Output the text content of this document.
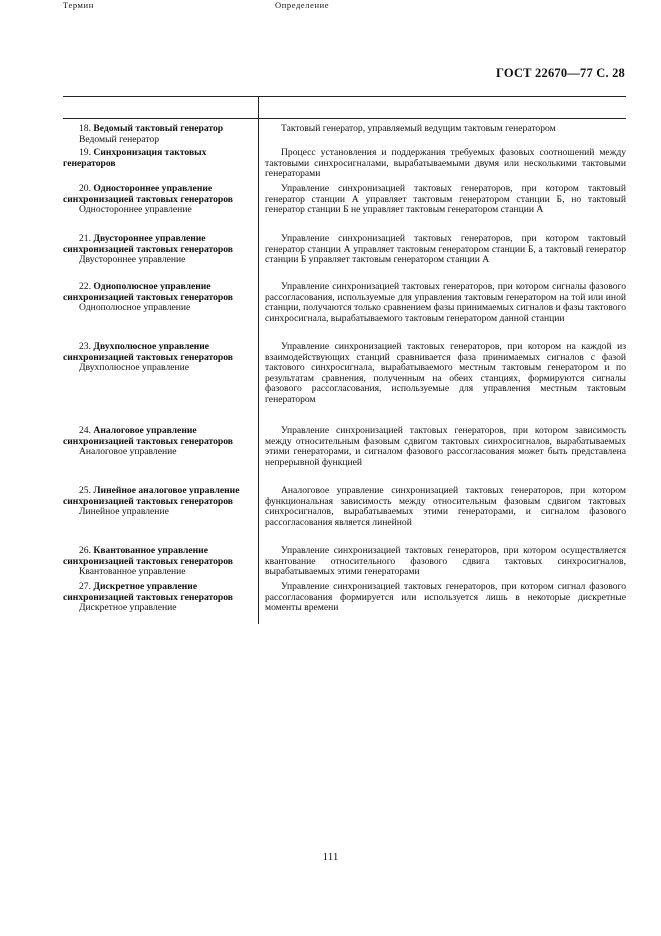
ГОСТ 22670—77 С. 28
Термин	Определение
18. Ведомый тактовый генератор
Ведомый генератор
Тактовый генератор, управляемый ведущим тактовым генератором
19. Синхронизация тактовых генераторов
Процесс установления и поддержания требуемых фазовых соотношений между тактовыми синхросигналами, вырабатываемыми двумя или несколькими тактовыми генераторами
20. Одностороннее управление синхронизацией тактовых генераторов
Одностороннее управление
Управление синхронизацией тактовых генераторов, при котором тактовый генератор станции А управляет тактовым генератором станции Б, но тактовый генератор станции Б не управляет тактовым генератором станции А
21. Двустороннее управление синхронизацией тактовых генераторов
Двустороннее управление
Управление синхронизацией тактовых генераторов, при котором тактовый генератор станции А управляет тактовым генератором станции Б, а тактовый генератор станции Б управляет тактовым генератором станции А
22. Однополюсное управление синхронизацией тактовых генераторов
Однополюсное управление
Управление синхронизацией тактовых генераторов, при котором сигналы фазового рассогласования, используемые для управления тактовым генератором на той или иной станции, получаются только сравнением фазы принимаемых сигналов и фазы тактового синхросигнала, вырабатываемого тактовым генератором данной станции
23. Двухполюсное управление синхронизацией тактовых генераторов
Двухполюсное управление
Управление синхронизацией тактовых генераторов, при котором на каждой из взаимодействующих станций сравнивается фаза принимаемых сигналов с фазой тактового синхросигнала, вырабатываемого местным тактовым генератором и по результатам сравнения, полученным на обеих станциях, формируются сигналы фазового рассогласования, используемые для управления местным тактовым генератором
24. Аналоговое управление синхронизацией тактовых генераторов
Аналоговое управление
Управление синхронизацией тактовых генераторов, при котором зависимость между относительным фазовым сдвигом тактовых синхросигналов, вырабатываемых этими генераторами, и сигналом фазового рассогласования может быть представлена непрерывной функцией
25. Линейное аналоговое управление синхронизацией тактовых генераторов
Линейное управление
Аналоговое управление синхронизацией тактовых генераторов, при котором функциональная зависимость между относительным фазовым сдвигом тактовых синхросигналов, вырабатываемых этими генераторами, и сигналом фазового рассогласования является линейной
26. Квантованное управление синхронизацией тактовых генераторов
Квантованное управление
Управление синхронизацией тактовых генераторов, при котором осуществляется квантование относительного фазового сдвига тактовых синхросигналов, вырабатываемых этими генераторами
27. Дискретное управление синхронизацией тактовых генераторов
Дискретное управление
Управление синхронизацией тактовых генераторов, при котором сигнал фазового рассогласования формируется или используется лишь в некоторые дискретные моменты времени
111
